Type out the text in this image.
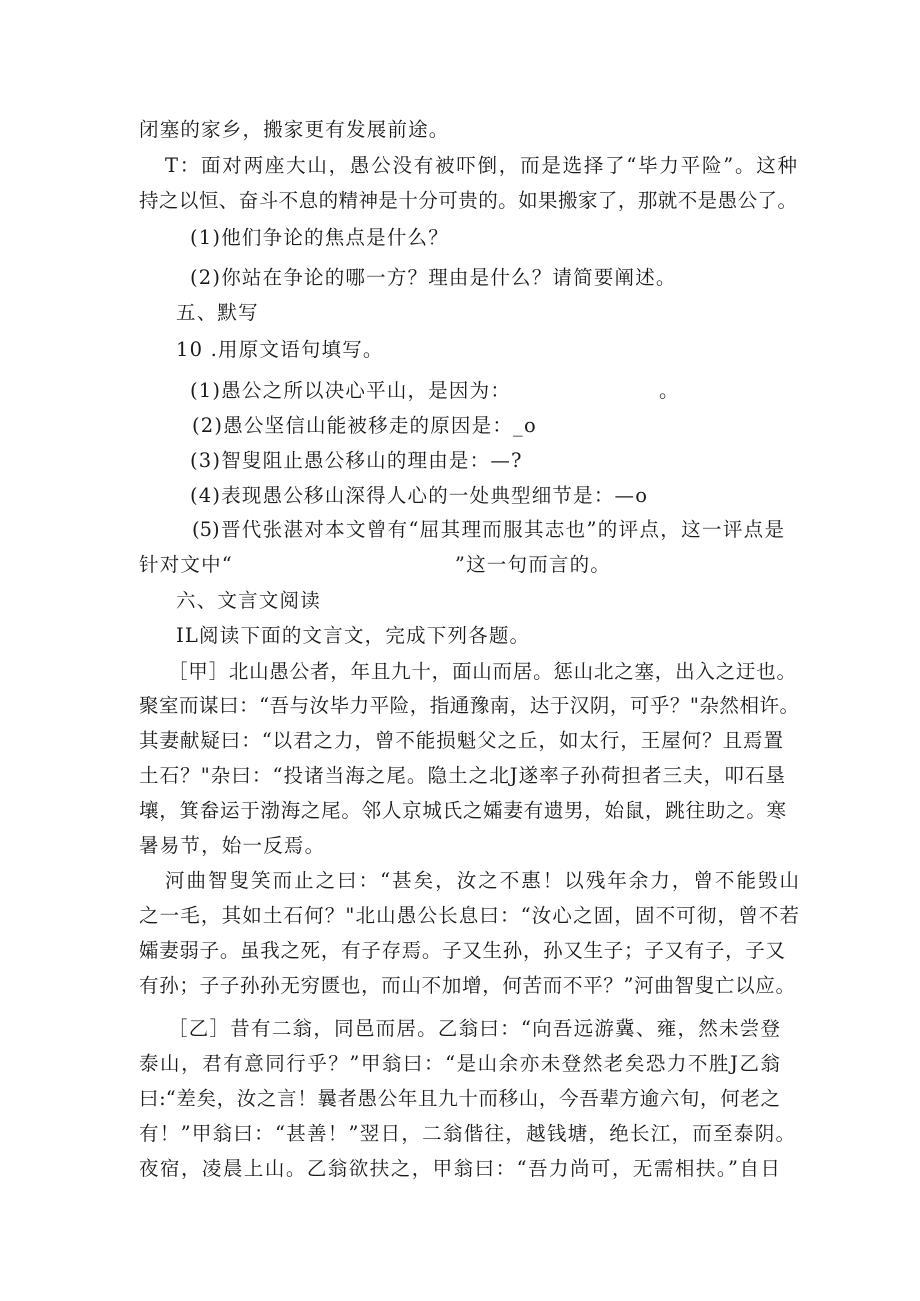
闭塞的家乡，搬家更有发展前途。
T：面对两座大山，愚公没有被吓倒，而是选择了“毕力平险”。这种
持之以恒、奋斗不息的精神是十分可贵的。如果搬家了，那就不是愚公了。
(1)他们争论的焦点是什么？
(2)你站在争论的哪一方？理由是什么？请简要阐述。
五、默写
10 .用原文语句填写。
(1)愚公之所以决心平山，是因为：                    。
(2)愚公坚信山能被移走的原因是：_o
(3)智叟阻止愚公移山的理由是：—?
(4)表现愚公移山深得人心的一处典型细节是：—o
(5)晋代张湛对本文曾有“屈其理而服其志也”的评点，这一评点是
针对文中“                              ”这一句而言的。
六、文言文阅读
IL阅读下面的文言文，完成下列各题。
［甲］北山愚公者，年且九十，面山而居。惩山北之塞，出入之迂也。
聚室而谋曰：“吾与汝毕力平险，指通豫南，达于汉阴，可乎？"杂然相许。
其妻献疑曰：“以君之力，曾不能损魁父之丘，如太行，王屋何？且焉置
土石？"杂曰：“投诸当海之尾。隐土之北J遂率子孙荷担者三夫，叩石垦
壤，箕畚运于渤海之尾。邻人京城氏之孀妻有遗男，始鼠，跳往助之。寒
暑易节，始一反焉。
河曲智叟笑而止之曰：“甚矣，汝之不惠！以残年余力，曾不能毁山
之一毛，其如土石何？"北山愚公长息曰：“汝心之固，固不可彻，曾不若
孀妻弱子。虽我之死，有子存焉。子又生孙，孙又生子；子又有子，子又
有孙；子子孙孙无穷匮也，而山不加增，何苦而不平？”河曲智叟亡以应。
［乙］昔有二翁，同邑而居。乙翁曰：“向吾远游冀、雍，然未尝登
泰山，君有意同行乎？”甲翁曰：“是山余亦未登然老矣恐力不胜J乙翁
曰:“差矣，汝之言！曩者愚公年且九十而移山，今吾辈方逾六旬，何老之
有！”甲翁曰：“甚善！”翌日，二翁偕往，越钱塘，绝长江，而至泰阴。
夜宿，凌晨上山。乙翁欲扶之，甲翁曰：“吾力尚可，无需相扶。”自日
